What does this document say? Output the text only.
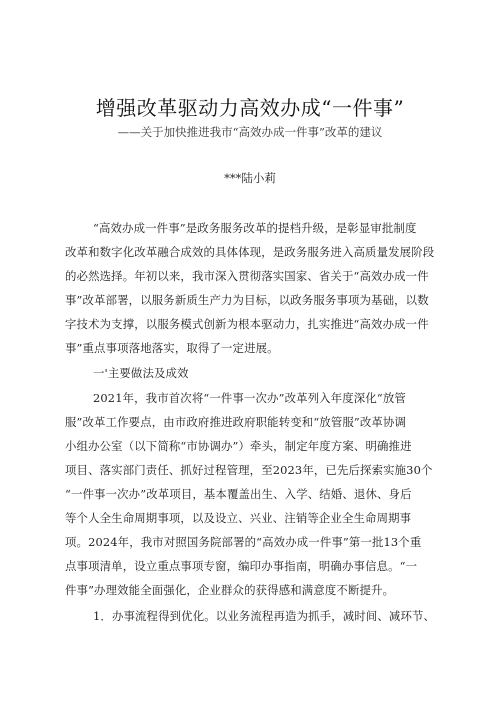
增强改革驱动力高效办成“一件事”
——关于加快推进我市“高效办成一件事”改革的建议
***陆小莉
“高效办成一件事”是政务服务改革的提档升级，是彰显审批制度
改革和数字化改革融合成效的具体体现，是政务服务进入高质量发展阶段
的必然选择。年初以来，我市深入贯彻落实国家、省关于“高效办成一件
事”改革部署，以服务新质生产力为目标，以政务服务事项为基础，以数
字技术为支撑，以服务模式创新为根本驱动力，扎实推进“高效办成一件
事”重点事项落地落实，取得了一定进展。
一'主要做法及成效
2021年，我市首次将“一件事一次办”改革列入年度深化“放管
服”改革工作要点，由市政府推进政府职能转变和“放管服”改革协调
小组办公室（以下简称“市协调办”）牵头，制定年度方案、明确推进
项目、落实部门责任、抓好过程管理，至2023年，已先后探索实施30个
“一件事一次办”改革项目，基本覆盖出生、入学、结婚、退休、身后
等个人全生命周期事项，以及设立、兴业、注销等企业全生命周期事
项。2024年，我市对照国务院部署的“高效办成一件事”第一批13个重
点事项清单，设立重点事项专窗，编印办事指南，明确办事信息。“一
件事”办理效能全面强化，企业群众的获得感和满意度不断提升。
1．办事流程得到优化。以业务流程再造为抓手，减时间、减环节、
